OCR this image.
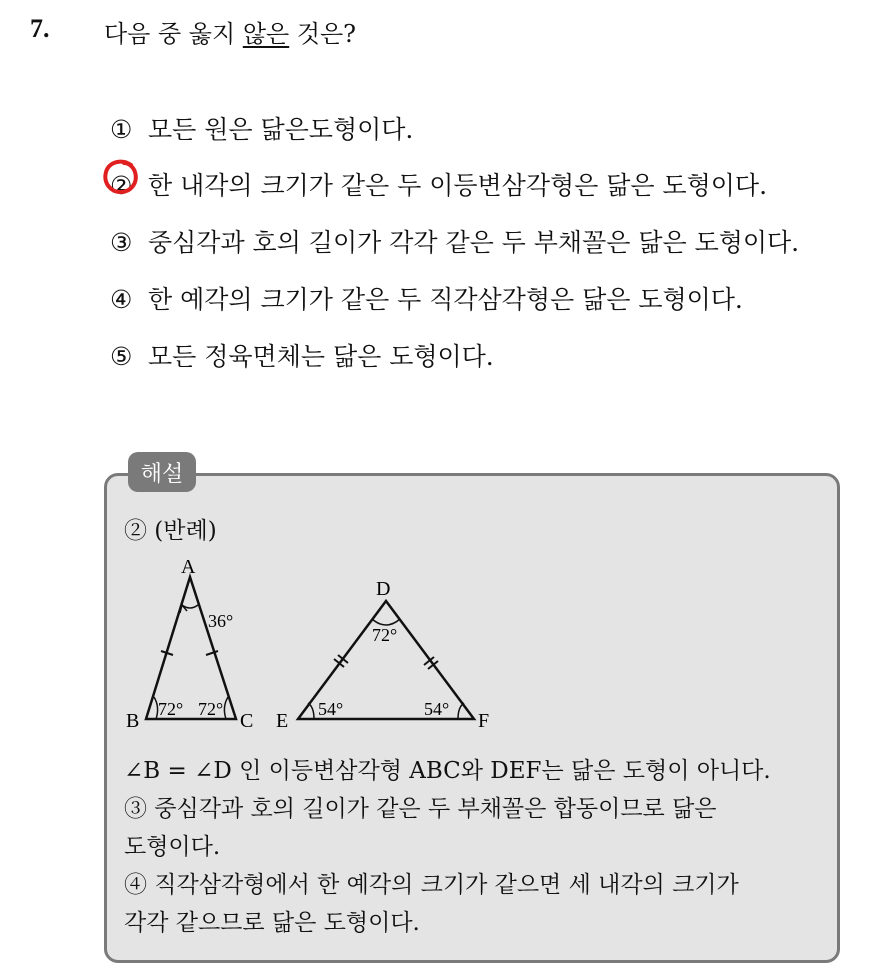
7. 다음 중 옳지 않은 것은?
① 모든 원은 닮은도형이다.
② 한 내각의 크기가 같은 두 이등변삼각형은 닮은 도형이다.
③ 중심각과 호의 길이가 각각 같은 두 부채꼴은 닮은 도형이다.
④ 한 예각의 크기가 같은 두 직각삼각형은 닮은 도형이다.
⑤ 모든 정육면체는 닮은 도형이다.
해설
② (반례)
A
B	C
36°
72° 72°
D
E	F
72°
54°	54°
∠B = ∠D 인 이등변삼각형 ABC와 DEF는 닮은 도형이 아니다.
③ 중심각과 호의 길이가 같은 두 부채꼴은 합동이므로 닮은
도형이다.
④ 직각삼각형에서 한 예각의 크기가 같으면 세 내각의 크기가
각각 같으므로 닮은 도형이다.
